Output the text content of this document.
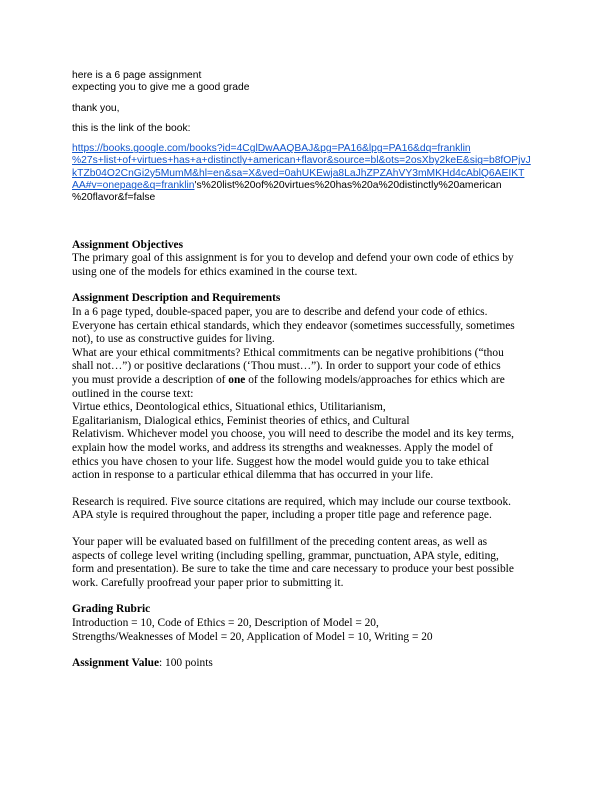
here is a 6 page assignment
expecting you to give me a good grade
thank you,
this is the link of the book:
https://books.google.com/books?id=4CglDwAAQBAJ&pg=PA16&lpg=PA16&dq=franklin
%27s+list+of+virtues+has+a+distinctly+american+flavor&source=bl&ots=2osXby2keE&sig=b8fOPjvJ
kTZb04O2CnGi2y5MumM&hl=en&sa=X&ved=0ahUKEwja8LaJhZPZAhVY3mMKHd4cAblQ6AEIKT
AA#v=onepage&q=franklin's%20list%20of%20virtues%20has%20a%20distinctly%20american
%20flavor&f=false
Assignment Objectives
The primary goal of this assignment is for you to develop and defend your own code of ethics by
using one of the models for ethics examined in the course text.
Assignment Description and Requirements
In a 6 page typed, double-spaced paper, you are to describe and defend your code of ethics.
Everyone has certain ethical standards, which they endeavor (sometimes successfully, sometimes
not), to use as constructive guides for living.
What are your ethical commitments? Ethical commitments can be negative prohibitions (“thou
shall not…”) or positive declarations (‘Thou must…”). In order to support your code of ethics
you must provide a description of one of the following models/approaches for ethics which are
outlined in the course text:
Virtue ethics, Deontological ethics, Situational ethics, Utilitarianism,
Egalitarianism, Dialogical ethics, Feminist theories of ethics, and Cultural
Relativism. Whichever model you choose, you will need to describe the model and its key terms,
explain how the model works, and address its strengths and weaknesses. Apply the model of
ethics you have chosen to your life. Suggest how the model would guide you to take ethical
action in response to a particular ethical dilemma that has occurred in your life.
Research is required. Five source citations are required, which may include our course textbook.
APA style is required throughout the paper, including a proper title page and reference page.
Your paper will be evaluated based on fulfillment of the preceding content areas, as well as
aspects of college level writing (including spelling, grammar, punctuation, APA style, editing,
form and presentation). Be sure to take the time and care necessary to produce your best possible
work. Carefully proofread your paper prior to submitting it.
Grading Rubric
Introduction = 10, Code of Ethics = 20, Description of Model = 20,
Strengths/Weaknesses of Model = 20, Application of Model = 10, Writing = 20
Assignment Value: 100 points
